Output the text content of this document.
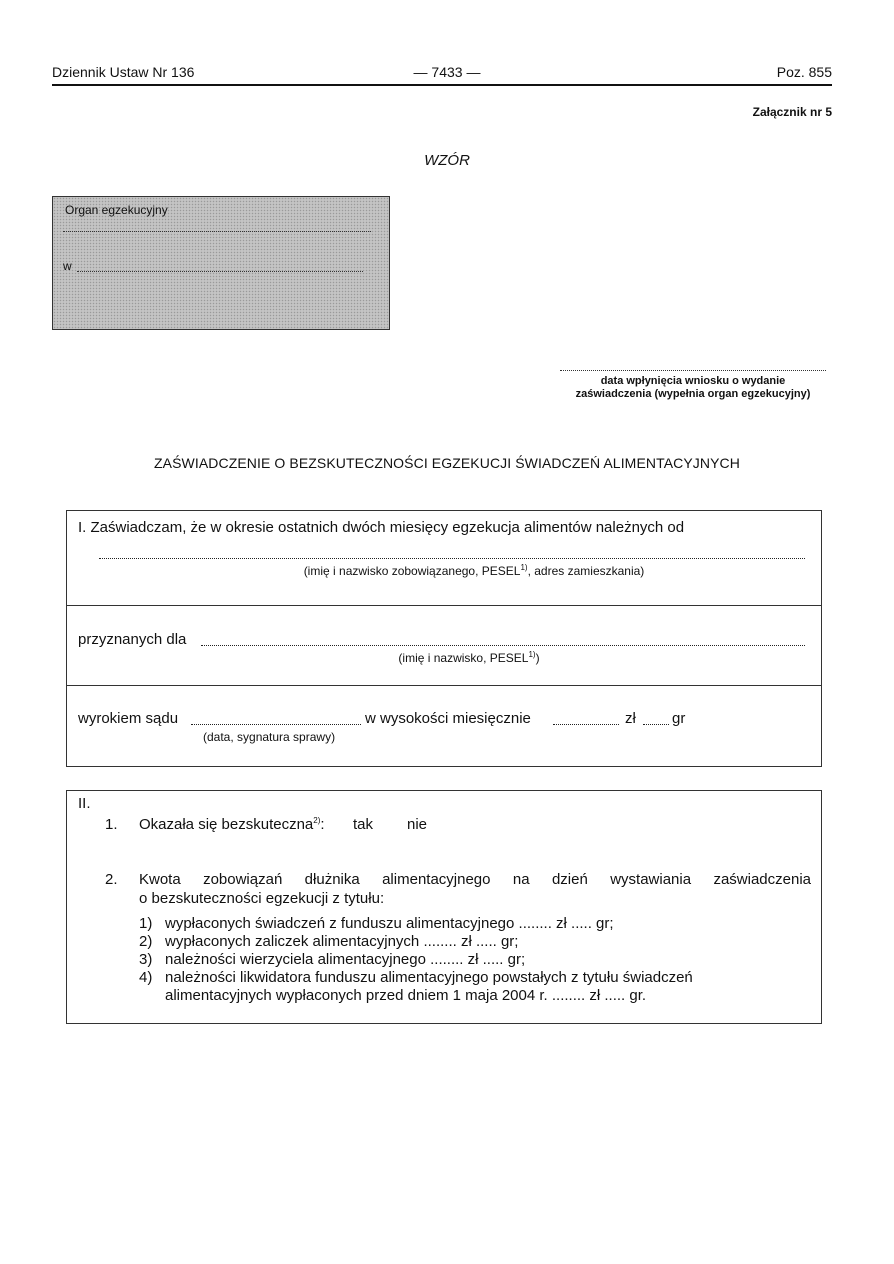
Dziennik Ustaw Nr 136	— 7433 —	Poz. 855
Załącznik nr 5
WZÓR
Organ egzekucyjny
w
data wpłynięcia wniosku o wydanie
zaświadczenia (wypełnia organ egzekucyjny)
ZAŚWIADCZENIE O BEZSKUTECZNOŚCI EGZEKUCJI ŚWIADCZEŃ ALIMENTACYJNYCH
I. Zaświadczam, że w okresie ostatnich dwóch miesięcy egzekucja alimentów należnych od
(imię i nazwisko zobowiązanego, PESEL$^{1)}$, adres zamieszkania)
przyznanych dla
(imię i nazwisko, PESEL$^{1)}$)
wyrokiem sądu	w wysokości miesięcznie	zł gr
(data, sygnatura sprawy)
II.
1. Okazała się bezskuteczna$^{2)}$: tak nie
2. Kwota zobowiązań dłużnika alimentacyjnego na dzień wystawiania zaświadczenia
o bezskuteczności egzekucji z tytułu:
1) wypłaconych świadczeń z funduszu alimentacyjnego ........ zł ..... gr;
2) wypłaconych zaliczek alimentacyjnych ........ zł ..... gr;
3) należności wierzyciela alimentacyjnego ........ zł ..... gr;
4) należności likwidatora funduszu alimentacyjnego powstałych z tytułu świadczeń
alimentacyjnych wypłaconych przed dniem 1 maja 2004 r. ........ zł ..... gr.
